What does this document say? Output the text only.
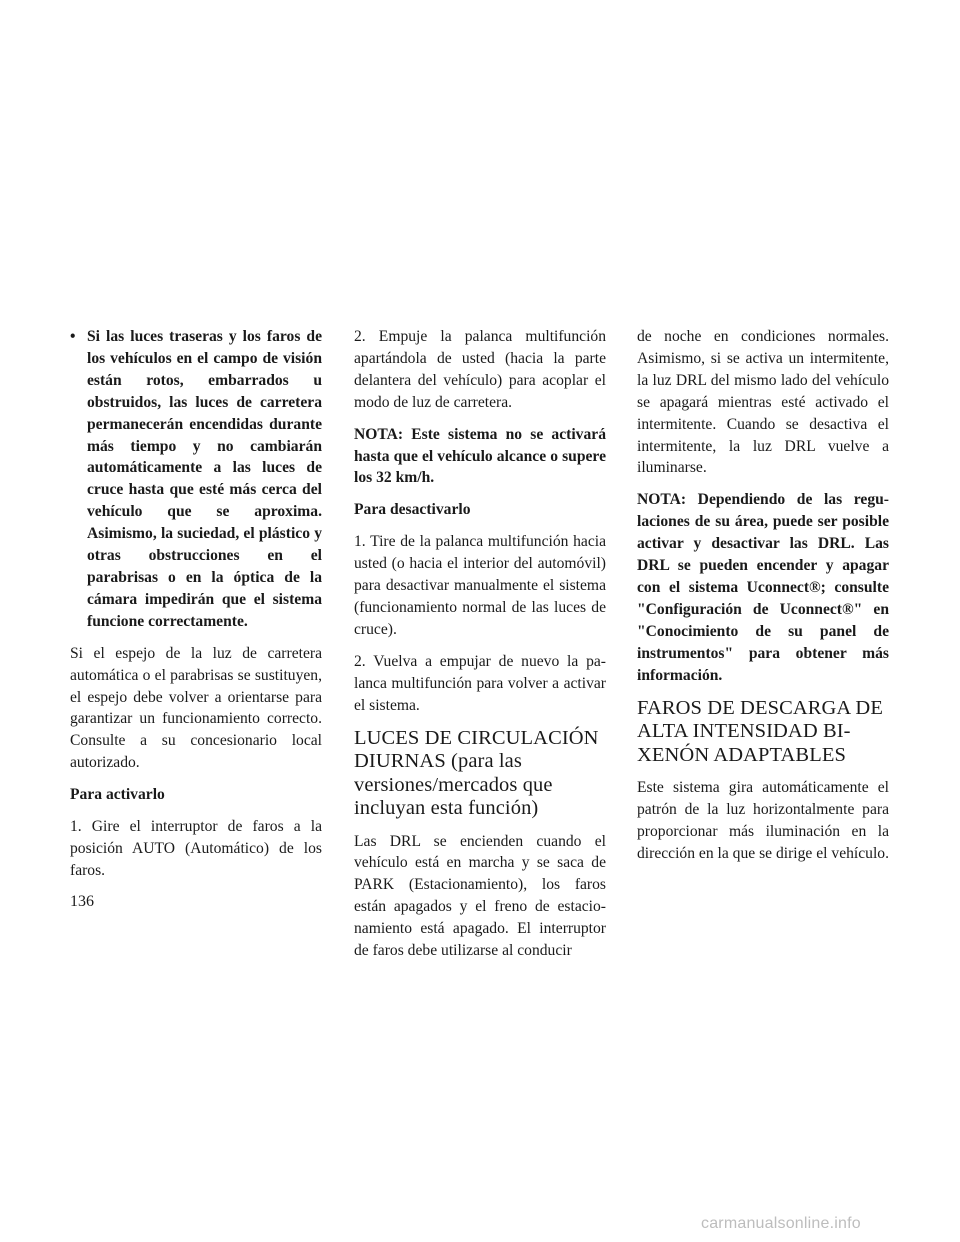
• Si las luces traseras y los faros de los vehículos en el campo de visión están rotos, embarrados u obstruidos, las luces de carretera permanecerán encendidas durante más tiempo y no cambiarán automáticamente a las luces de cruce hasta que esté más cerca del vehículo que se aproxima. Asimismo, la suciedad, el plástico y otras obstrucciones en el parabrisas o en la óptica de la cámara impedirán que el sistema funcione correctamente.

Si el espejo de la luz de carretera automática o el parabrisas se sustituyen, el espejo debe volver a orientarse para garantizar un funcionamiento correcto. Consulte a su concesionario local autorizado.

Para activarlo

1. Gire el interruptor de faros a la posición AUTO (Automático) de los faros.

2. Empuje la palanca multifunción apartándola de usted (hacia la parte delantera del vehículo) para acoplar el modo de luz de carretera.

NOTA: Este sistema no se activará hasta que el vehículo alcance o supere los 32 km/h.

Para desactivarlo

1. Tire de la palanca multifunción hacia usted (o hacia el interior del automóvil) para desactivar manualmente el sistema (funcionamiento normal de las luces de cruce).

2. Vuelva a empujar de nuevo la palanca multifunción para volver a activar el sistema.

LUCES DE CIRCULACIÓN DIURNAS (para las versiones/mercados que incluyan esta función)

Las DRL se encienden cuando el vehículo está en marcha y se saca de PARK (Estacionamiento), los faros están apagados y el freno de estacionamiento está apagado. El interruptor de faros debe utilizarse al conducir

de noche en condiciones normales. Asimismo, si se activa un intermitente, la luz DRL del mismo lado del vehículo se apagará mientras esté activado el intermitente. Cuando se desactiva el intermitente, la luz DRL vuelve a iluminarse.

NOTA: Dependiendo de las regulaciones de su área, puede ser posible activar y desactivar las DRL. Las DRL se pueden encender y apagar con el sistema Uconnect®; consulte "Configuración de Uconnect®" en "Conocimiento de su panel de instrumentos" para obtener más información.

FAROS DE DESCARGA DE ALTA INTENSIDAD BI-XENÓN ADAPTABLES

Este sistema gira automáticamente el patrón de la luz horizontalmente para proporcionar más iluminación en la dirección en la que se dirige el vehículo.

136
carmanualsonline.info
